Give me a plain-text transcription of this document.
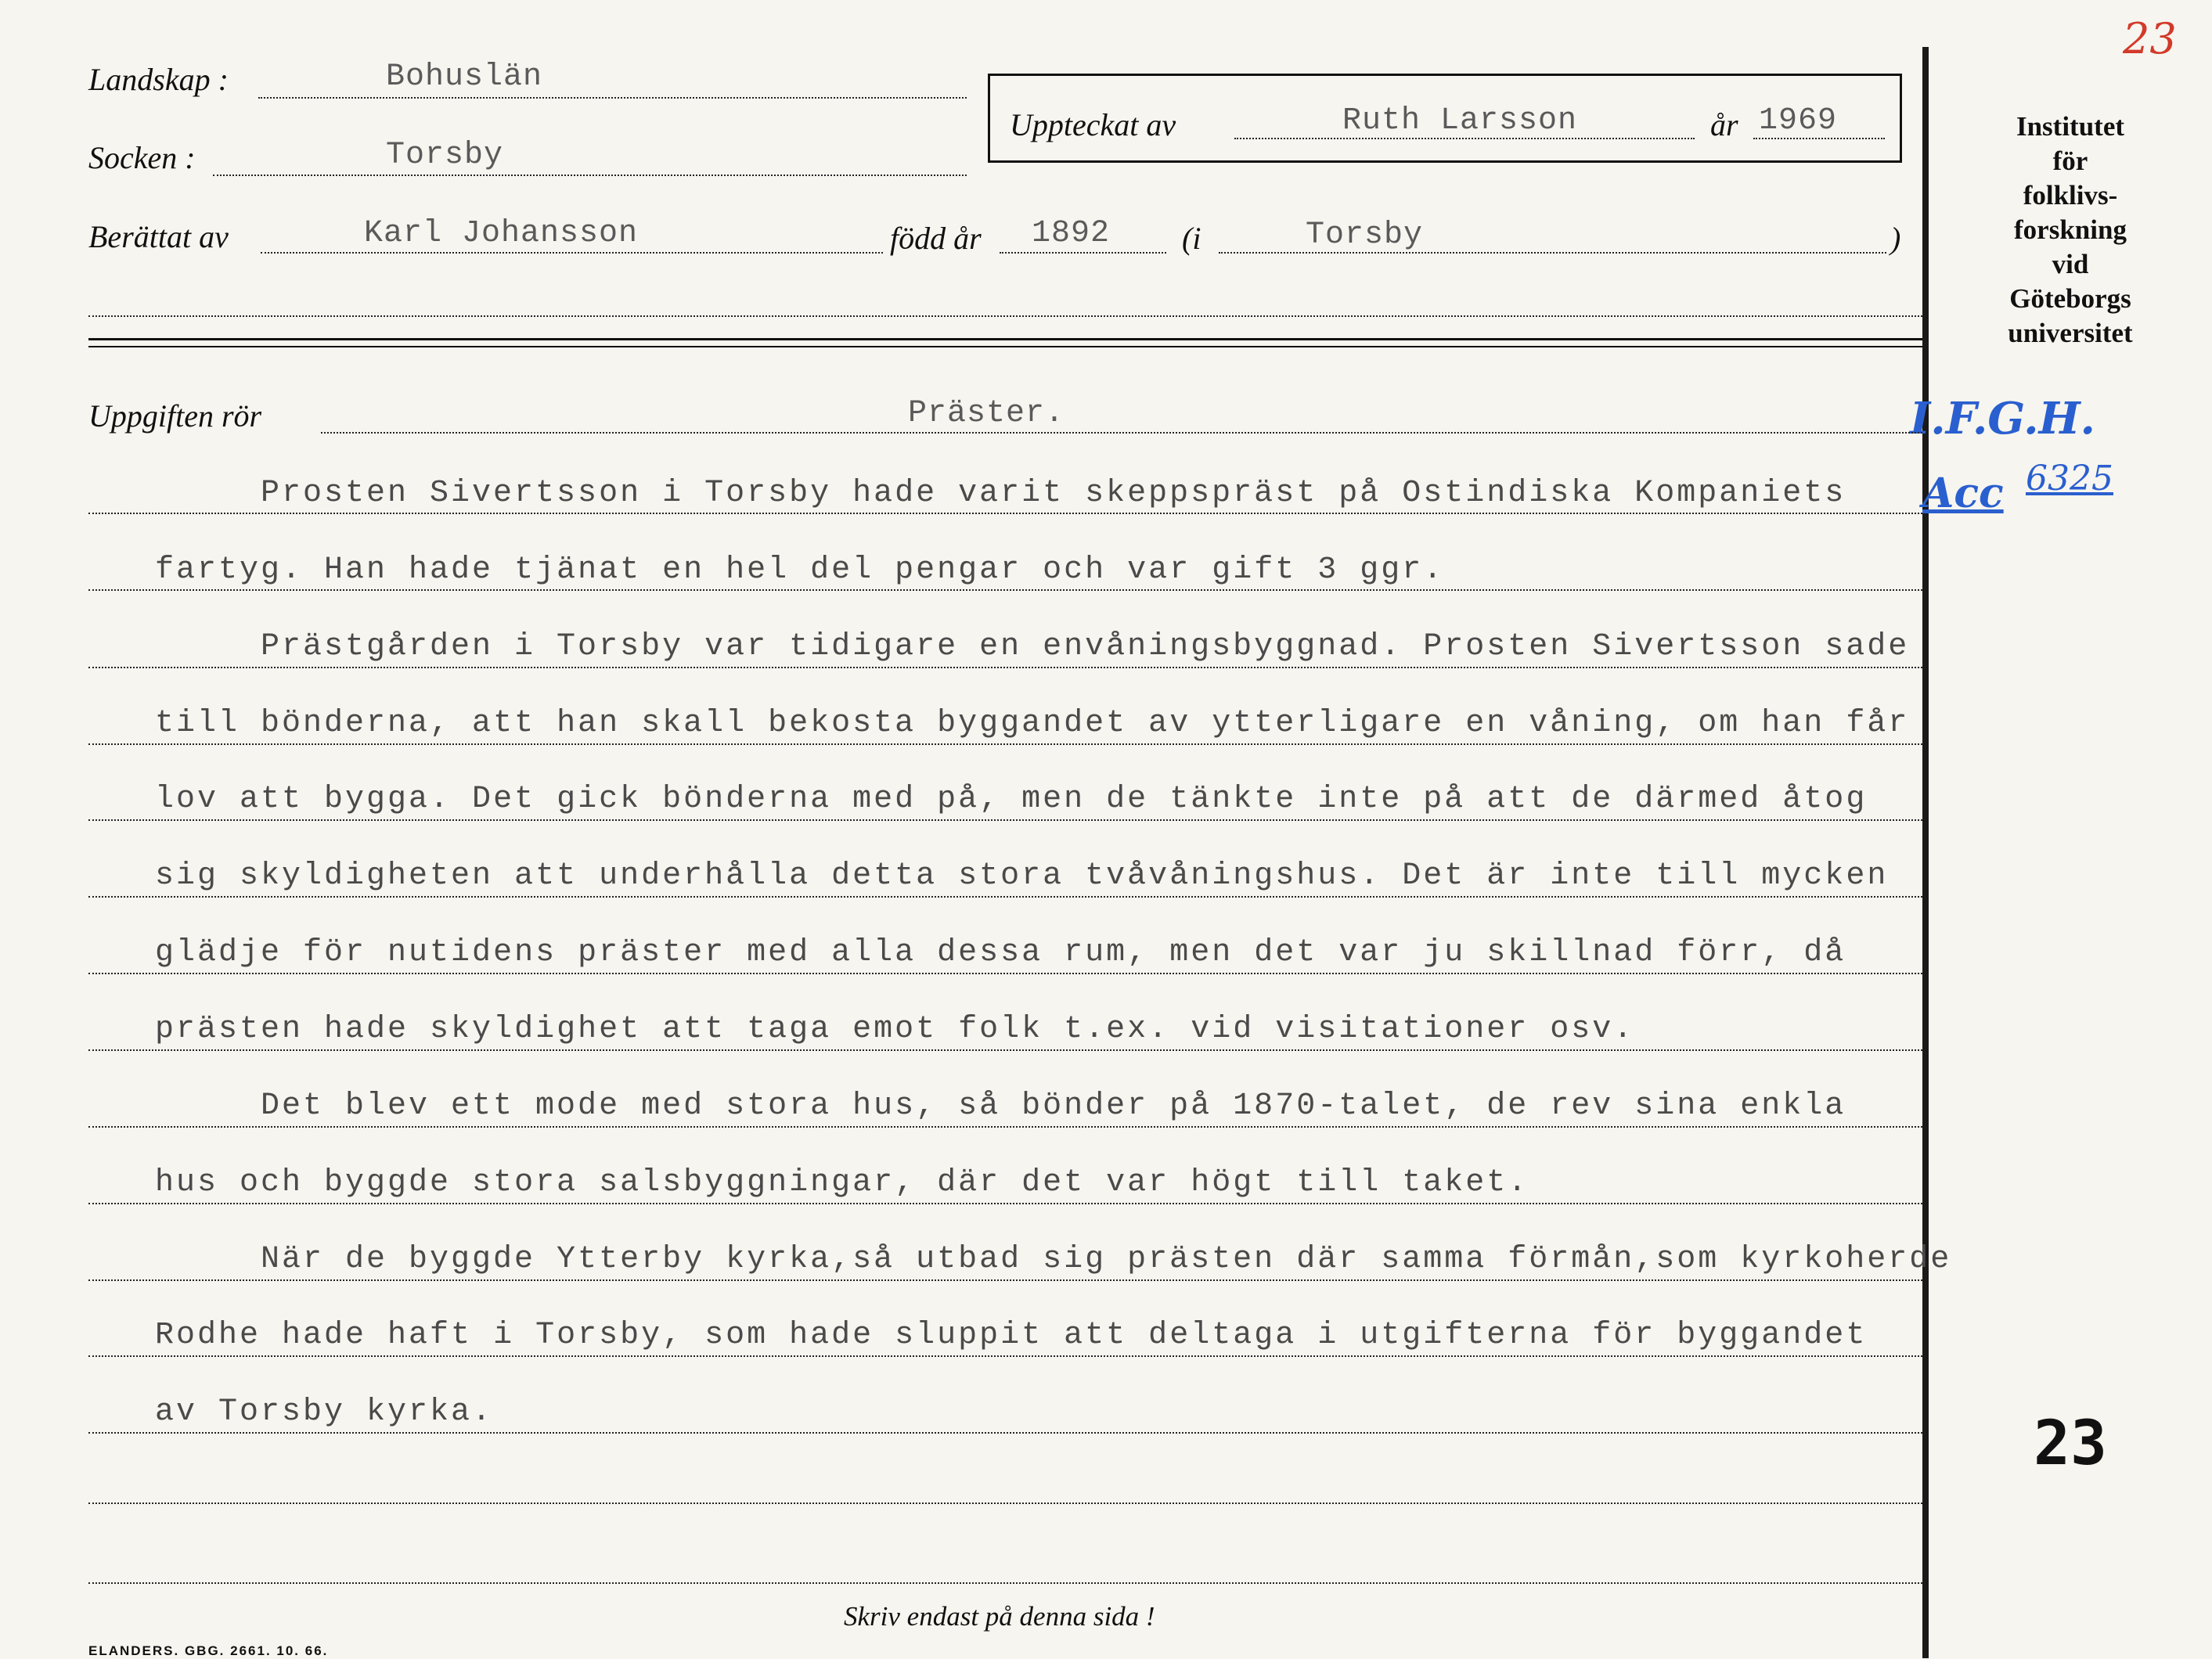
23
Landskap :	Bohuslän
Socken :	Torsby
Uppteckat av	Ruth Larsson	år 1969
Berättat av	Karl Johansson	född år 1892 (i	Torsby	)
Institutet
för
folklivs-
forskning
vid
Göteborgs
universitet
I.F.G.H.
Acc 6325
Uppgiften rör	Präster.
Prosten Sivertsson i Torsby hade varit skeppspräst på Ostindiska Kompaniets
fartyg. Han hade tjänat en hel del pengar och var gift 3 ggr.
Prästgården i Torsby var tidigare en envåningsbyggnad. Prosten Sivertsson sade
till bönderna, att han skall bekosta byggandet av ytterligare en våning, om han får
lov att bygga. Det gick bönderna med på, men de tänkte inte på att de därmed åtog
sig skyldigheten att underhålla detta stora tvåvåningshus. Det är inte till mycken
glädje för nutidens präster med alla dessa rum, men det var ju skillnad förr, då
prästen hade skyldighet att taga emot folk t.ex. vid visitationer osv.
Det blev ett mode med stora hus, så bönder på 1870-talet, de rev sina enkla
hus och byggde stora salsbyggningar, där det var högt till taket.
När de byggde Ytterby kyrka,så utbad sig prästen där samma förmån,som kyrkoherde
Rodhe hade haft i Torsby, som hade sluppit att deltaga i utgifterna för byggandet
av Torsby kyrka.	23
Skriv endast på denna sida !
ELANDERS. GBG. 2661. 10. 66.
